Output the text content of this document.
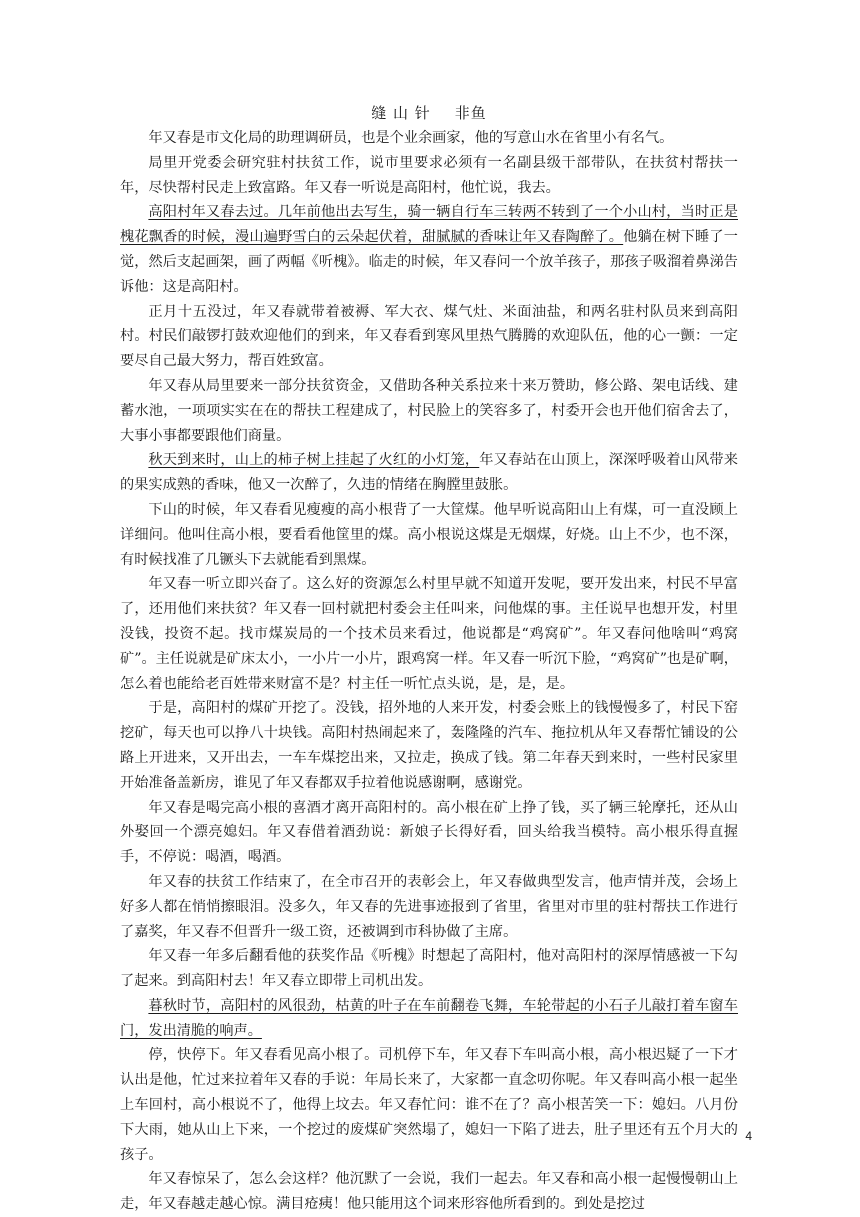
缝 山 针 非鱼

年又春是市文化局的助理调研员，也是个业余画家，他的写意山水在省里小有名气。

局里开党委会研究驻村扶贫工作，说市里要求必须有一名副县级干部带队，在扶贫村帮扶一年，尽快帮村民走上致富路。年又春一听说是高阳村，他忙说，我去。

高阳村年又春去过。几年前他出去写生，骑一辆自行车三转两不转到了一个小山村，当时正是槐花飘香的时候，漫山遍野雪白的云朵起伏着，甜腻腻的香味让年又春陶醉了。他躺在树下睡了一觉，然后支起画架，画了两幅《听槐》。临走的时候，年又春问一个放羊孩子，那孩子吸溜着鼻涕告诉他：这是高阳村。

正月十五没过，年又春就带着被褥、军大衣、煤气灶、米面油盐，和两名驻村队员来到高阳村。村民们敲锣打鼓欢迎他们的到来，年又春看到寒风里热气腾腾的欢迎队伍，他的心一颤：一定要尽自己最大努力，帮百姓致富。

年又春从局里要来一部分扶贫资金，又借助各种关系拉来十来万赞助，修公路、架电话线、建蓄水池，一项项实实在在的帮扶工程建成了，村民脸上的笑容多了，村委开会也开他们宿舍去了，大事小事都要跟他们商量。

秋天到来时，山上的柿子树上挂起了火红的小灯笼，年又春站在山顶上，深深呼吸着山风带来的果实成熟的香味，他又一次醉了，久违的情绪在胸膛里鼓胀。

下山的时候，年又春看见瘦瘦的高小根背了一大筐煤。他早听说高阳山上有煤，可一直没顾上详细问。他叫住高小根，要看看他筐里的煤。高小根说这煤是无烟煤，好烧。山上不少，也不深，有时候找准了几镢头下去就能看到黑煤。

年又春一听立即兴奋了。这么好的资源怎么村里早就不知道开发呢，要开发出来，村民不早富了，还用他们来扶贫？年又春一回村就把村委会主任叫来，问他煤的事。主任说早也想开发，村里没钱，投资不起。找市煤炭局的一个技术员来看过，他说都是“鸡窝矿”。年又春问他啥叫“鸡窝矿”。主任说就是矿床太小，一小片一小片，跟鸡窝一样。年又春一听沉下脸，“鸡窝矿”也是矿啊，怎么着也能给老百姓带来财富不是？村主任一听忙点头说，是，是，是。

于是，高阳村的煤矿开挖了。没钱，招外地的人来开发，村委会账上的钱慢慢多了，村民下窑挖矿，每天也可以挣八十块钱。高阳村热闹起来了，轰隆隆的汽车、拖拉机从年又春帮忙铺设的公路上开进来，又开出去，一车车煤挖出来，又拉走，换成了钱。第二年春天到来时，一些村民家里开始准备盖新房，谁见了年又春都双手拉着他说感谢啊，感谢党。

年又春是喝完高小根的喜酒才离开高阳村的。高小根在矿上挣了钱，买了辆三轮摩托，还从山外娶回一个漂亮媳妇。年又春借着酒劲说：新娘子长得好看，回头给我当模特。高小根乐得直握手，不停说：喝酒，喝酒。

年又春的扶贫工作结束了，在全市召开的表彰会上，年又春做典型发言，他声情并茂，会场上好多人都在悄悄擦眼泪。没多久，年又春的先进事迹报到了省里，省里对市里的驻村帮扶工作进行了嘉奖，年又春不但晋升一级工资，还被调到市科协做了主席。

年又春一年多后翻看他的获奖作品《听槐》时想起了高阳村，他对高阳村的深厚情感被一下勾了起来。到高阳村去！年又春立即带上司机出发。

暮秋时节，高阳村的风很劲，枯黄的叶子在车前翻卷飞舞，车轮带起的小石子儿敲打着车窗车门，发出清脆的响声。

停，快停下。年又春看见高小根了。司机停下车，年又春下车叫高小根，高小根迟疑了一下才认出是他，忙过来拉着年又春的手说：年局长来了，大家都一直念叨你呢。年又春叫高小根一起坐上车回村，高小根说不了，他得上坟去。年又春忙问：谁不在了？高小根苦笑一下：媳妇。八月份下大雨，她从山上下来，一个挖过的废煤矿突然塌了，媳妇一下陷了进去，肚子里还有五个月大的孩子。

年又春惊呆了，怎么会这样？他沉默了一会说，我们一起去。年又春和高小根一起慢慢朝山上走，年又春越走越心惊。满目疮痍！他只能用这个词来形容他所看到的。到处是挖过

4
